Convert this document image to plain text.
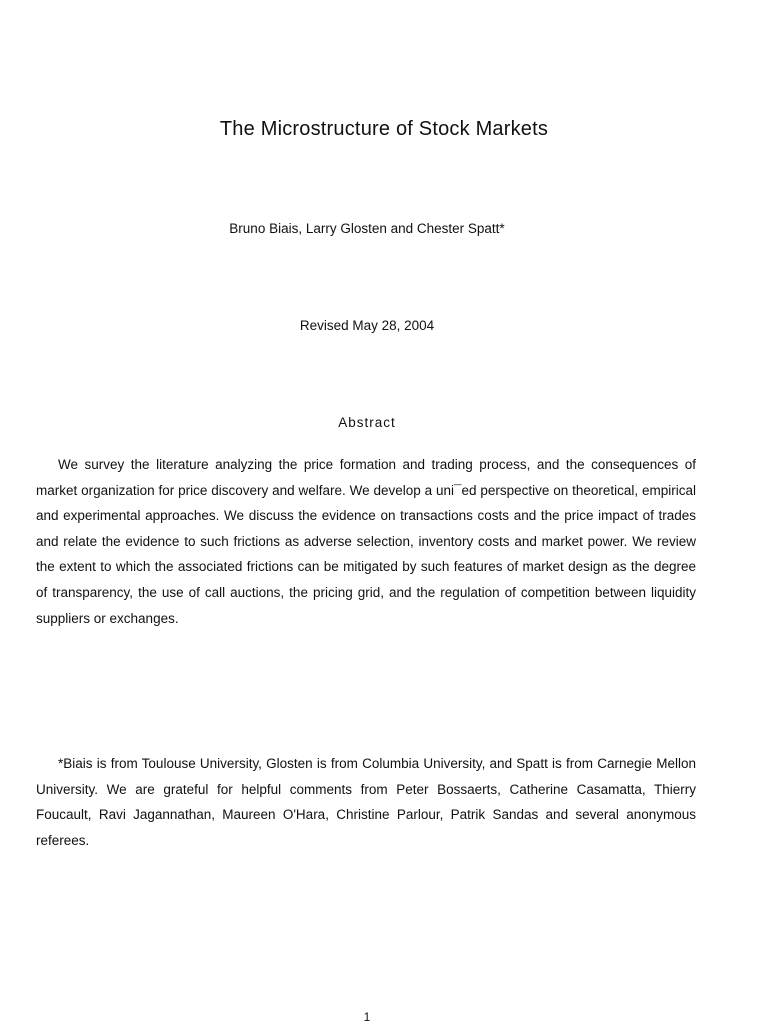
The Microstructure of Stock Markets

Bruno Biais, Larry Glosten and Chester Spatt*

Revised May 28, 2004

Abstract

We survey the literature analyzing the price formation and trading process, and the consequences of market organization for price discovery and welfare. We develop a uni¯ed perspective on theoretical, empirical and experimental approaches. We discuss the evidence on transactions costs and the price impact of trades and relate the evidence to such frictions as adverse selection, inventory costs and market power. We review the extent to which the associated frictions can be mitigated by such features of market design as the degree of transparency, the use of call auctions, the pricing grid, and the regulation of competition between liquidity suppliers or exchanges.

*Biais is from Toulouse University, Glosten is from Columbia University, and Spatt is from Carnegie Mellon University. We are grateful for helpful comments from Peter Bossaerts, Catherine Casamatta, Thierry Foucault, Ravi Jagannathan, Maureen O'Hara, Christine Parlour, Patrik Sandas and several anonymous referees.

1
